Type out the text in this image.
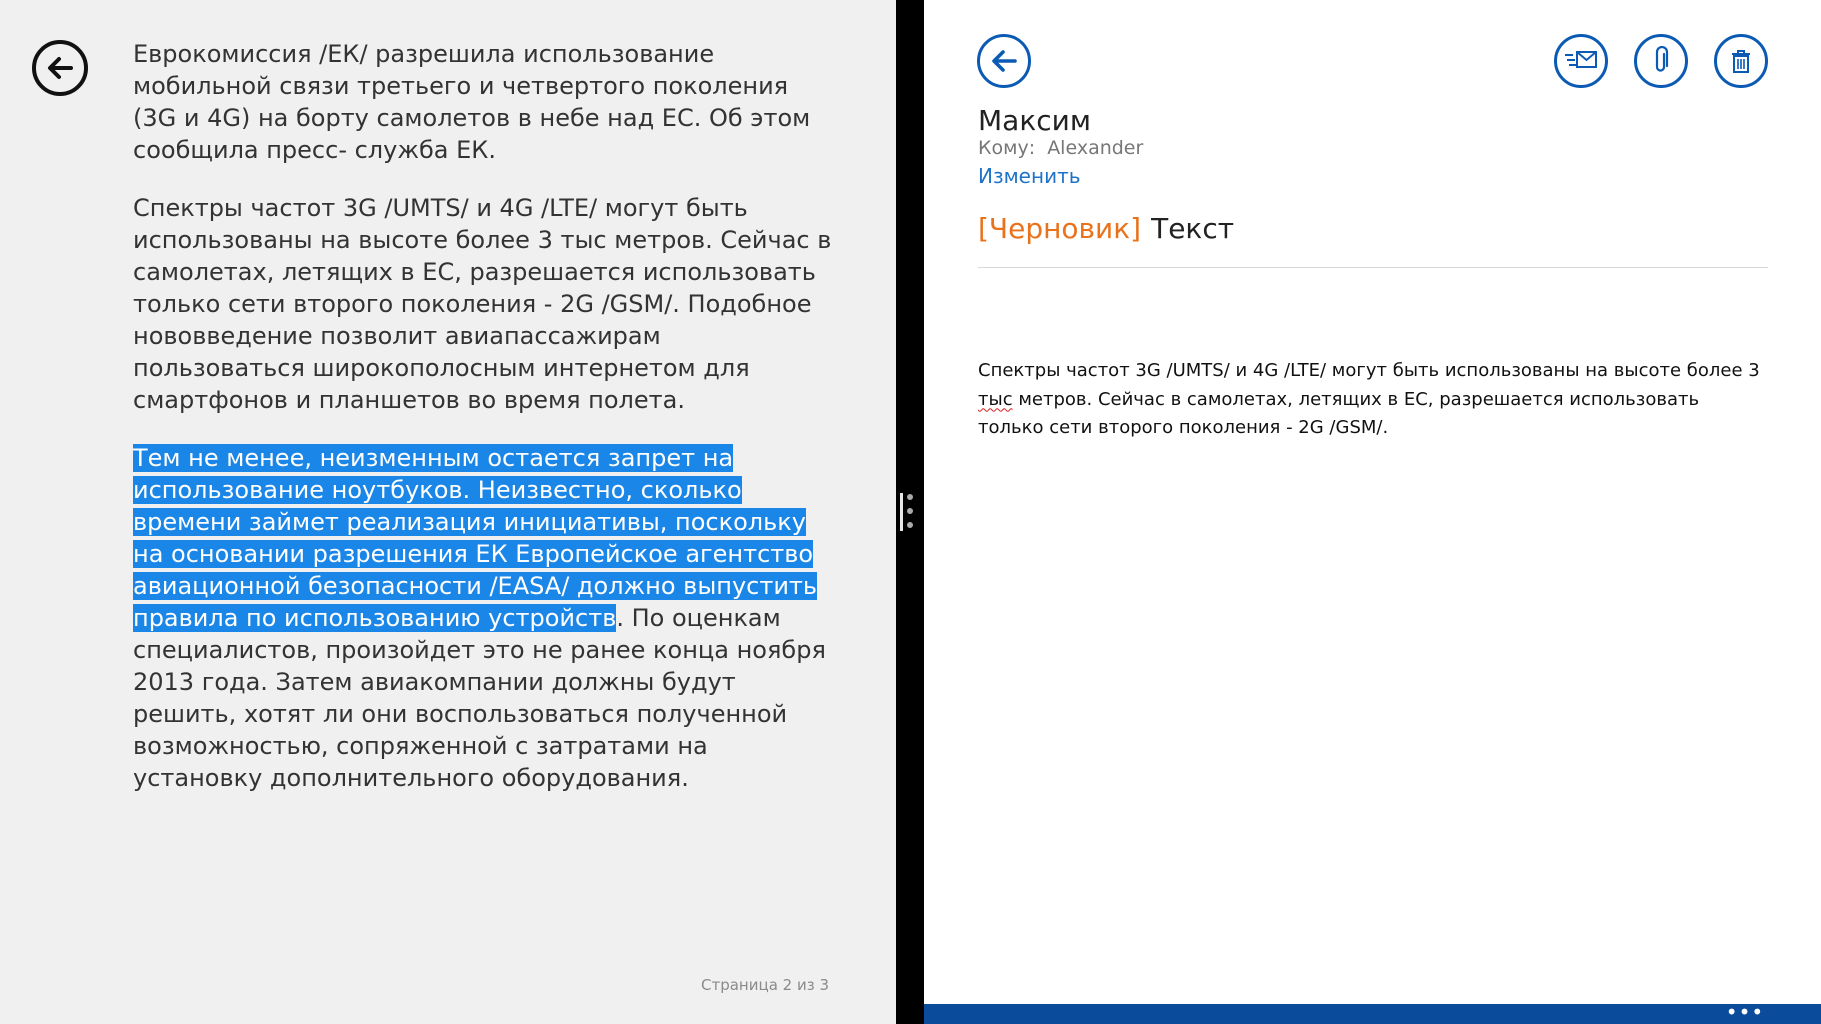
Еврокомиссия /ЕК/ разрешила использование мобильной связи третьего и четвертого поколения (3G и 4G) на борту самолетов в небе над ЕС. Об этом сообщила пресс- служба ЕК.

Спектры частот 3G /UMTS/ и 4G /LTE/ могут быть использованы на высоте более 3 тыс метров. Сейчас в самолетах, летящих в ЕС, разрешается использовать только сети второго поколения - 2G /GSM/. Подобное нововведение позволит авиапассажирам пользоваться широкополосным интернетом для смартфонов и планшетов во время полета.

Тем не менее, неизменным остается запрет на использование ноутбуков. Неизвестно, сколько времени займет реализация инициативы, поскольку на основании разрешения ЕК Европейское агентство авиационной безопасности /EASA/ должно выпустить правила по использованию устройств. По оценкам специалистов, произойдет это не ранее конца ноября 2013 года. Затем авиакомпании должны будут решить, хотят ли они воспользоваться полученной возможностью, сопряженной с затратами на установку дополнительного оборудования.

Страница 2 из 3
Максим
Кому: Alexander
Изменить
[Черновик] Текст
Спектры частот 3G /UMTS/ и 4G /LTE/ могут быть использованы на высоте более 3 тыс метров. Сейчас в самолетах, летящих в ЕС, разрешается использовать только сети второго поколения - 2G /GSM/.
•••
